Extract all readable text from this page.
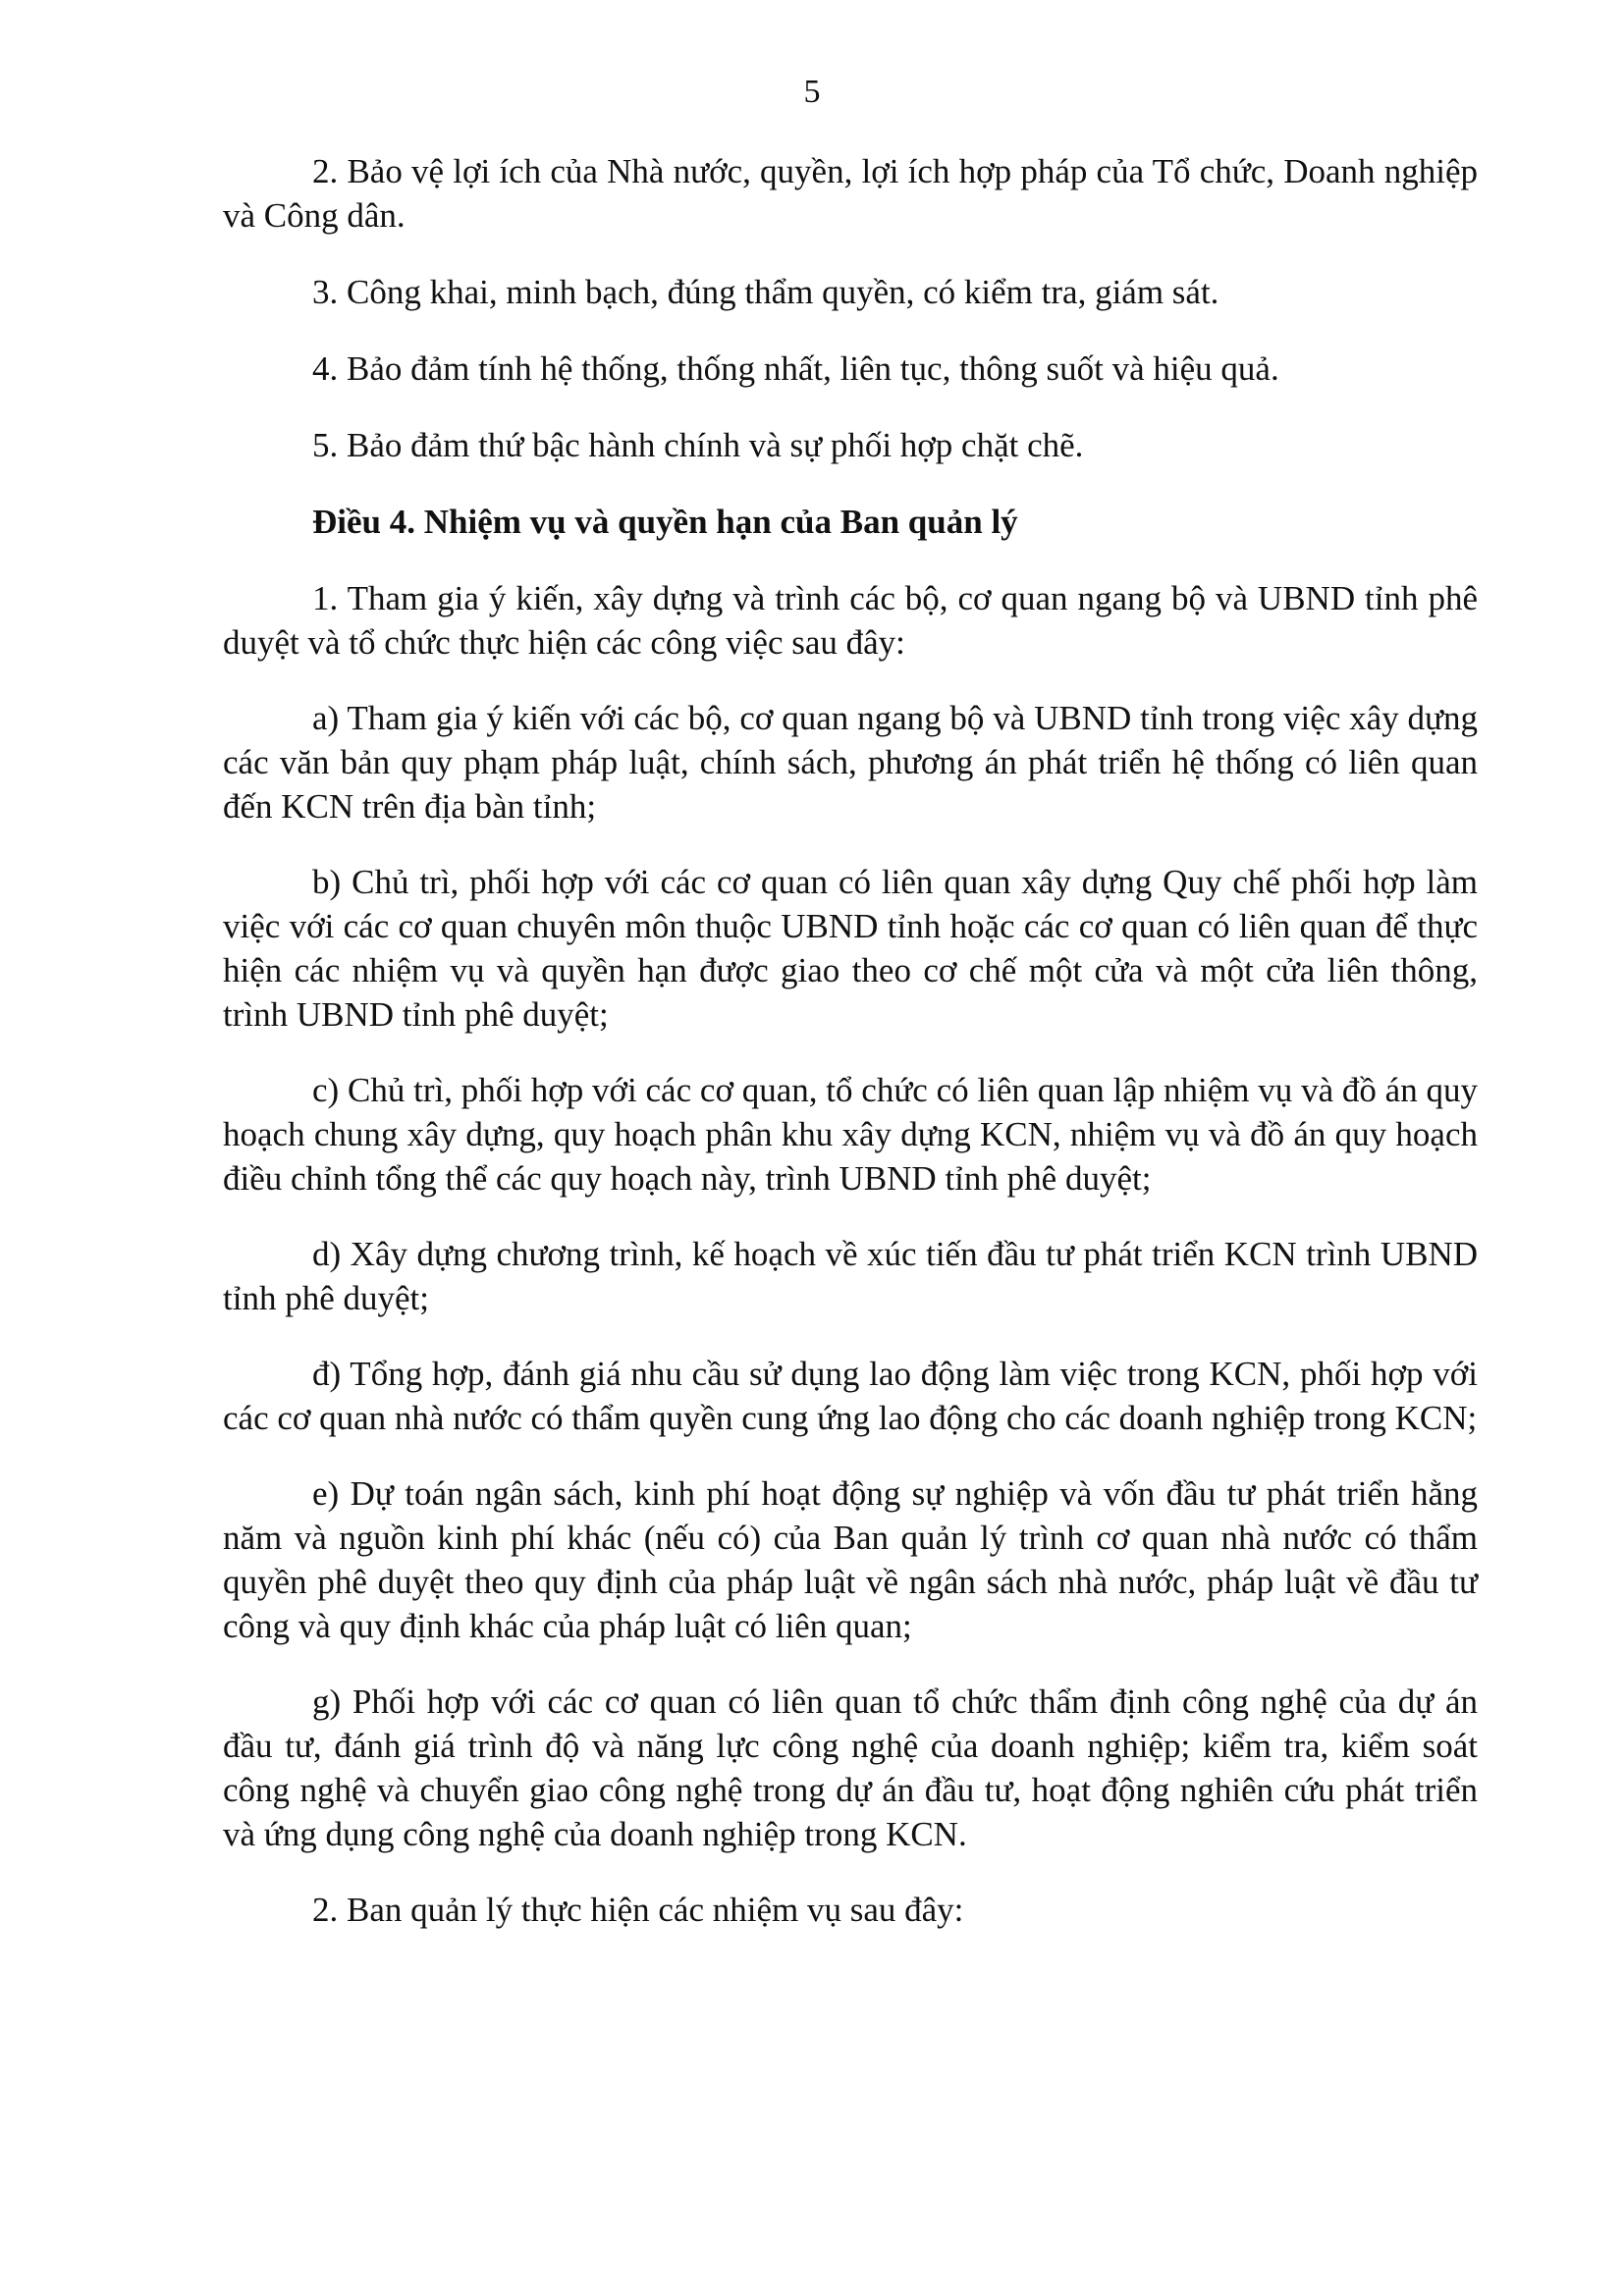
5

2. Bảo vệ lợi ích của Nhà nước, quyền, lợi ích hợp pháp của Tổ chức, Doanh nghiệp và Công dân.

3. Công khai, minh bạch, đúng thẩm quyền, có kiểm tra, giám sát.

4. Bảo đảm tính hệ thống, thống nhất, liên tục, thông suốt và hiệu quả.

5. Bảo đảm thứ bậc hành chính và sự phối hợp chặt chẽ.

Điều 4. Nhiệm vụ và quyền hạn của Ban quản lý

1. Tham gia ý kiến, xây dựng và trình các bộ, cơ quan ngang bộ và UBND tỉnh phê duyệt và tổ chức thực hiện các công việc sau đây:

a) Tham gia ý kiến với các bộ, cơ quan ngang bộ và UBND tỉnh trong việc xây dựng các văn bản quy phạm pháp luật, chính sách, phương án phát triển hệ thống có liên quan đến KCN trên địa bàn tỉnh;

b) Chủ trì, phối hợp với các cơ quan có liên quan xây dựng Quy chế phối hợp làm việc với các cơ quan chuyên môn thuộc UBND tỉnh hoặc các cơ quan có liên quan để thực hiện các nhiệm vụ và quyền hạn được giao theo cơ chế một cửa và một cửa liên thông, trình UBND tỉnh phê duyệt;

c) Chủ trì, phối hợp với các cơ quan, tổ chức có liên quan lập nhiệm vụ và đồ án quy hoạch chung xây dựng, quy hoạch phân khu xây dựng KCN, nhiệm vụ và đồ án quy hoạch điều chỉnh tổng thể các quy hoạch này, trình UBND tỉnh phê duyệt;

d) Xây dựng chương trình, kế hoạch về xúc tiến đầu tư phát triển KCN trình UBND tỉnh phê duyệt;

đ) Tổng hợp, đánh giá nhu cầu sử dụng lao động làm việc trong KCN, phối hợp với các cơ quan nhà nước có thẩm quyền cung ứng lao động cho các doanh nghiệp trong KCN;

e) Dự toán ngân sách, kinh phí hoạt động sự nghiệp và vốn đầu tư phát triển hằng năm và nguồn kinh phí khác (nếu có) của Ban quản lý trình cơ quan nhà nước có thẩm quyền phê duyệt theo quy định của pháp luật về ngân sách nhà nước, pháp luật về đầu tư công và quy định khác của pháp luật có liên quan;

g) Phối hợp với các cơ quan có liên quan tổ chức thẩm định công nghệ của dự án đầu tư, đánh giá trình độ và năng lực công nghệ của doanh nghiệp; kiểm tra, kiểm soát công nghệ và chuyển giao công nghệ trong dự án đầu tư, hoạt động nghiên cứu phát triển và ứng dụng công nghệ của doanh nghiệp trong KCN.

2. Ban quản lý thực hiện các nhiệm vụ sau đây:
